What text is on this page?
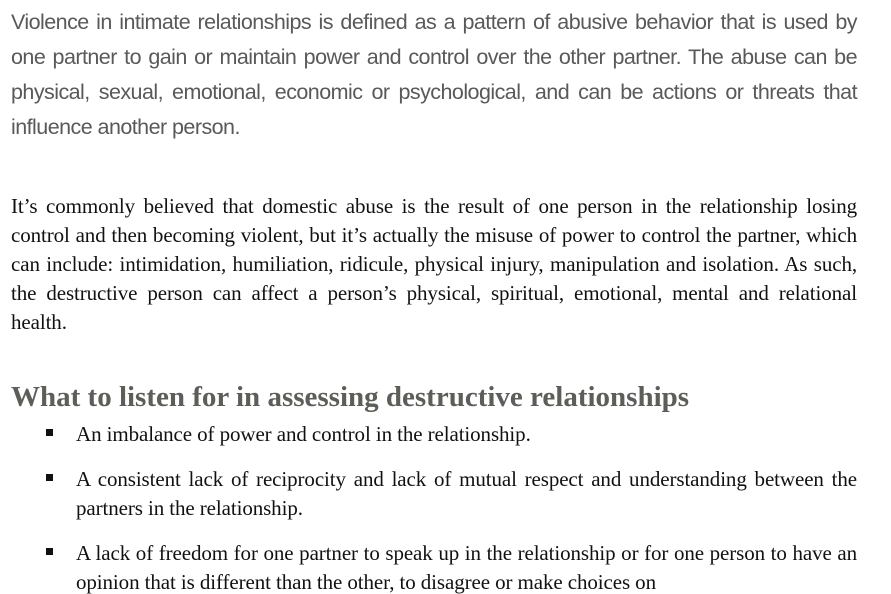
Violence in intimate relationships is defined as a pattern of abusive behavior that is used by one partner to gain or maintain power and control over the other partner. The abuse can be physical, sexual, emotional, economic or psychological, and can be actions or threats that influence another person.

It’s commonly believed that domestic abuse is the result of one person in the relationship losing control and then becoming violent, but it’s actually the misuse of power to control the partner, which can include: intimidation, humiliation, ridicule, physical injury, manipulation and isolation. As such, the destructive person can affect a person’s physical, spiritual, emotional, mental and relational health.

What to listen for in assessing destructive relationships
An imbalance of power and control in the relationship.
A consistent lack of reciprocity and lack of mutual respect and understanding between the partners in the relationship.
A lack of freedom for one partner to speak up in the relationship or for one person to have an opinion that is different than the other, to disagree or make choices on
